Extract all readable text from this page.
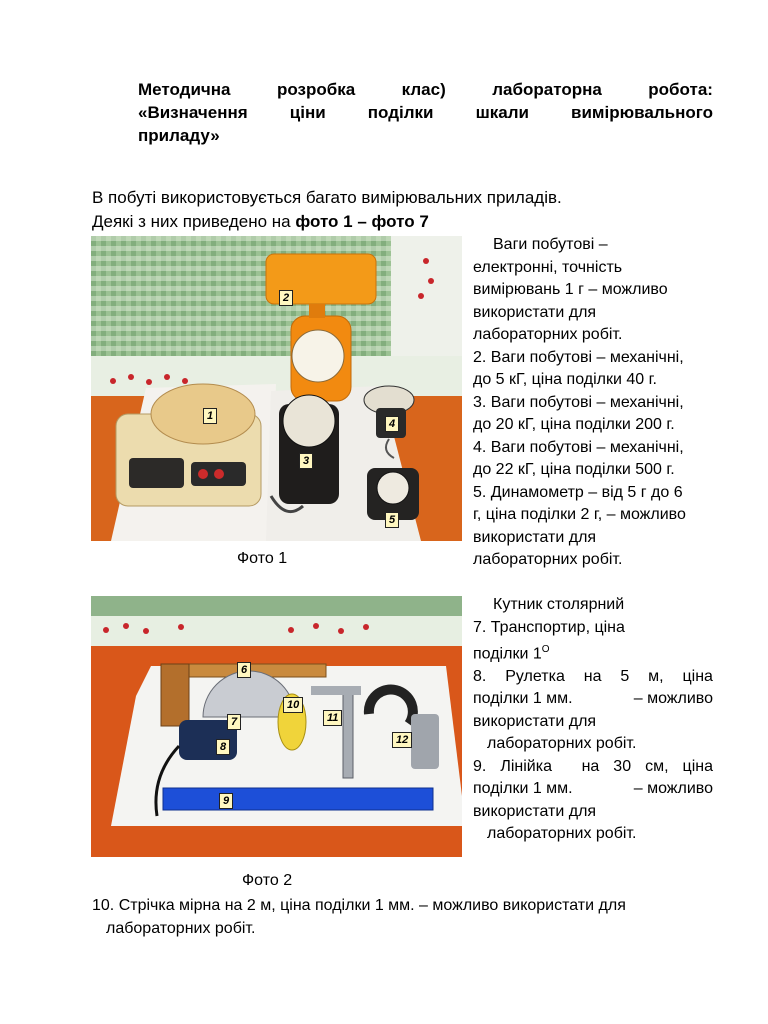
Методична	розробка	клас)	лабораторна	робота:
«Визначення ціни поділки шкали вимірювального
приладу»
В побуті використовується багато вимірювальних приладів.
Деякі з них приведено на фото 1 – фото 7
1
2
3
4
5
Ваги побутові –
електронні, точність
вимірювань 1 г – можливо
використати для
лабораторних робіт.
2. Ваги побутові – механічні,
до 5 кГ, ціна поділки 40 г.
3. Ваги побутові – механічні,
до 20 кГ, ціна поділки 200 г.
4. Ваги побутові – механічні,
до 22 кГ, ціна поділки 500 г.
5. Динамометр – від 5 г до 6
г, ціна поділки 2 г, – можливо
використати для
лабораторних робіт.
Фото 1
6
7
8
9
10
11
12
Кутник столярний
7. Транспортир, ціна
поділки $1^О$
8. Рулетка на 5 м, ціна
поділки 1 мм.	– можливо
використати для
лабораторних робіт.
9. Лінійка на 30 см, ціна
поділки 1 мм.	– можливо
використати для
лабораторних робіт.
Фото 2
10. Стрічка мірна на 2 м, ціна поділки 1 мм. – можливо використати для
лабораторних робіт.
